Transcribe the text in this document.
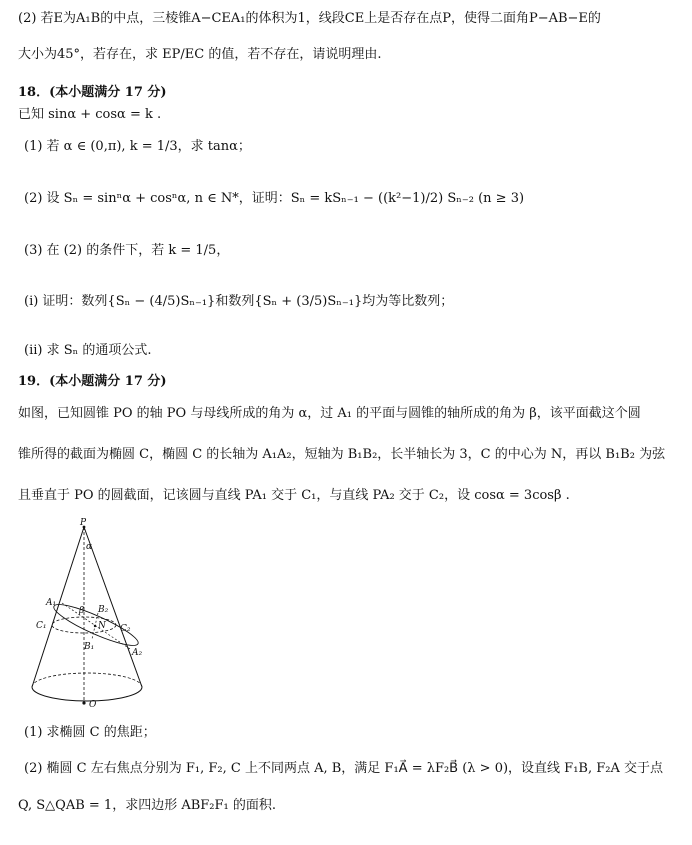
(2) 若E为A₁B的中点，三棱锥A−CEA₁的体积为1，线段CE上是否存在点P，使得二面角P−AB−E的
大小为45°，若存在，求 EP/EC 的值，若不存在，请说明理由.
18．(本小题满分 17 分)
已知 sinα + cosα = k .
(1) 若 α ∈ (0,π), k = 1/3，求 tanα；
(2) 设 Sₙ = sinⁿα + cosⁿα, n ∈ N*，证明：Sₙ = kSₙ₋₁ − ((k²−1)/2) Sₙ₋₂ (n ≥ 3)
(3) 在 (2) 的条件下，若 k = 1/5，
(ⅰ) 证明：数列{Sₙ − (4/5)Sₙ₋₁}和数列{Sₙ + (3/5)Sₙ₋₁}均为等比数列；
(ⅱ) 求 Sₙ 的通项公式.
19．(本小题满分 17 分)
如图，已知圆锥 PO 的轴 PO 与母线所成的角为 α，过 A₁ 的平面与圆锥的轴所成的角为 β，该平面截这个圆
锥所得的截面为椭圆 C，椭圆 C 的长轴为 A₁A₂，短轴为 B₁B₂，长半轴长为 3，C 的中心为 N，再以 B₁B₂ 为弦
且垂直于 PO 的圆截面，记该圆与直线 PA₁ 交于 C₁，与直线 PA₂ 交于 C₂，设 cosα = 3cosβ .
(1) 求椭圆 C 的焦距；
(2) 椭圆 C 左右焦点分别为 F₁, F₂, C 上不同两点 A, B，满足 F₁A⃗ = λF₂B⃗ (λ > 0)，设直线 F₁B, F₂A 交于点
Q, S△QAB = 1，求四边形 ABF₂F₁ 的面积.
P
O
α
β
A₁
A₂
B₂
B₁
C₁	C₂
N
